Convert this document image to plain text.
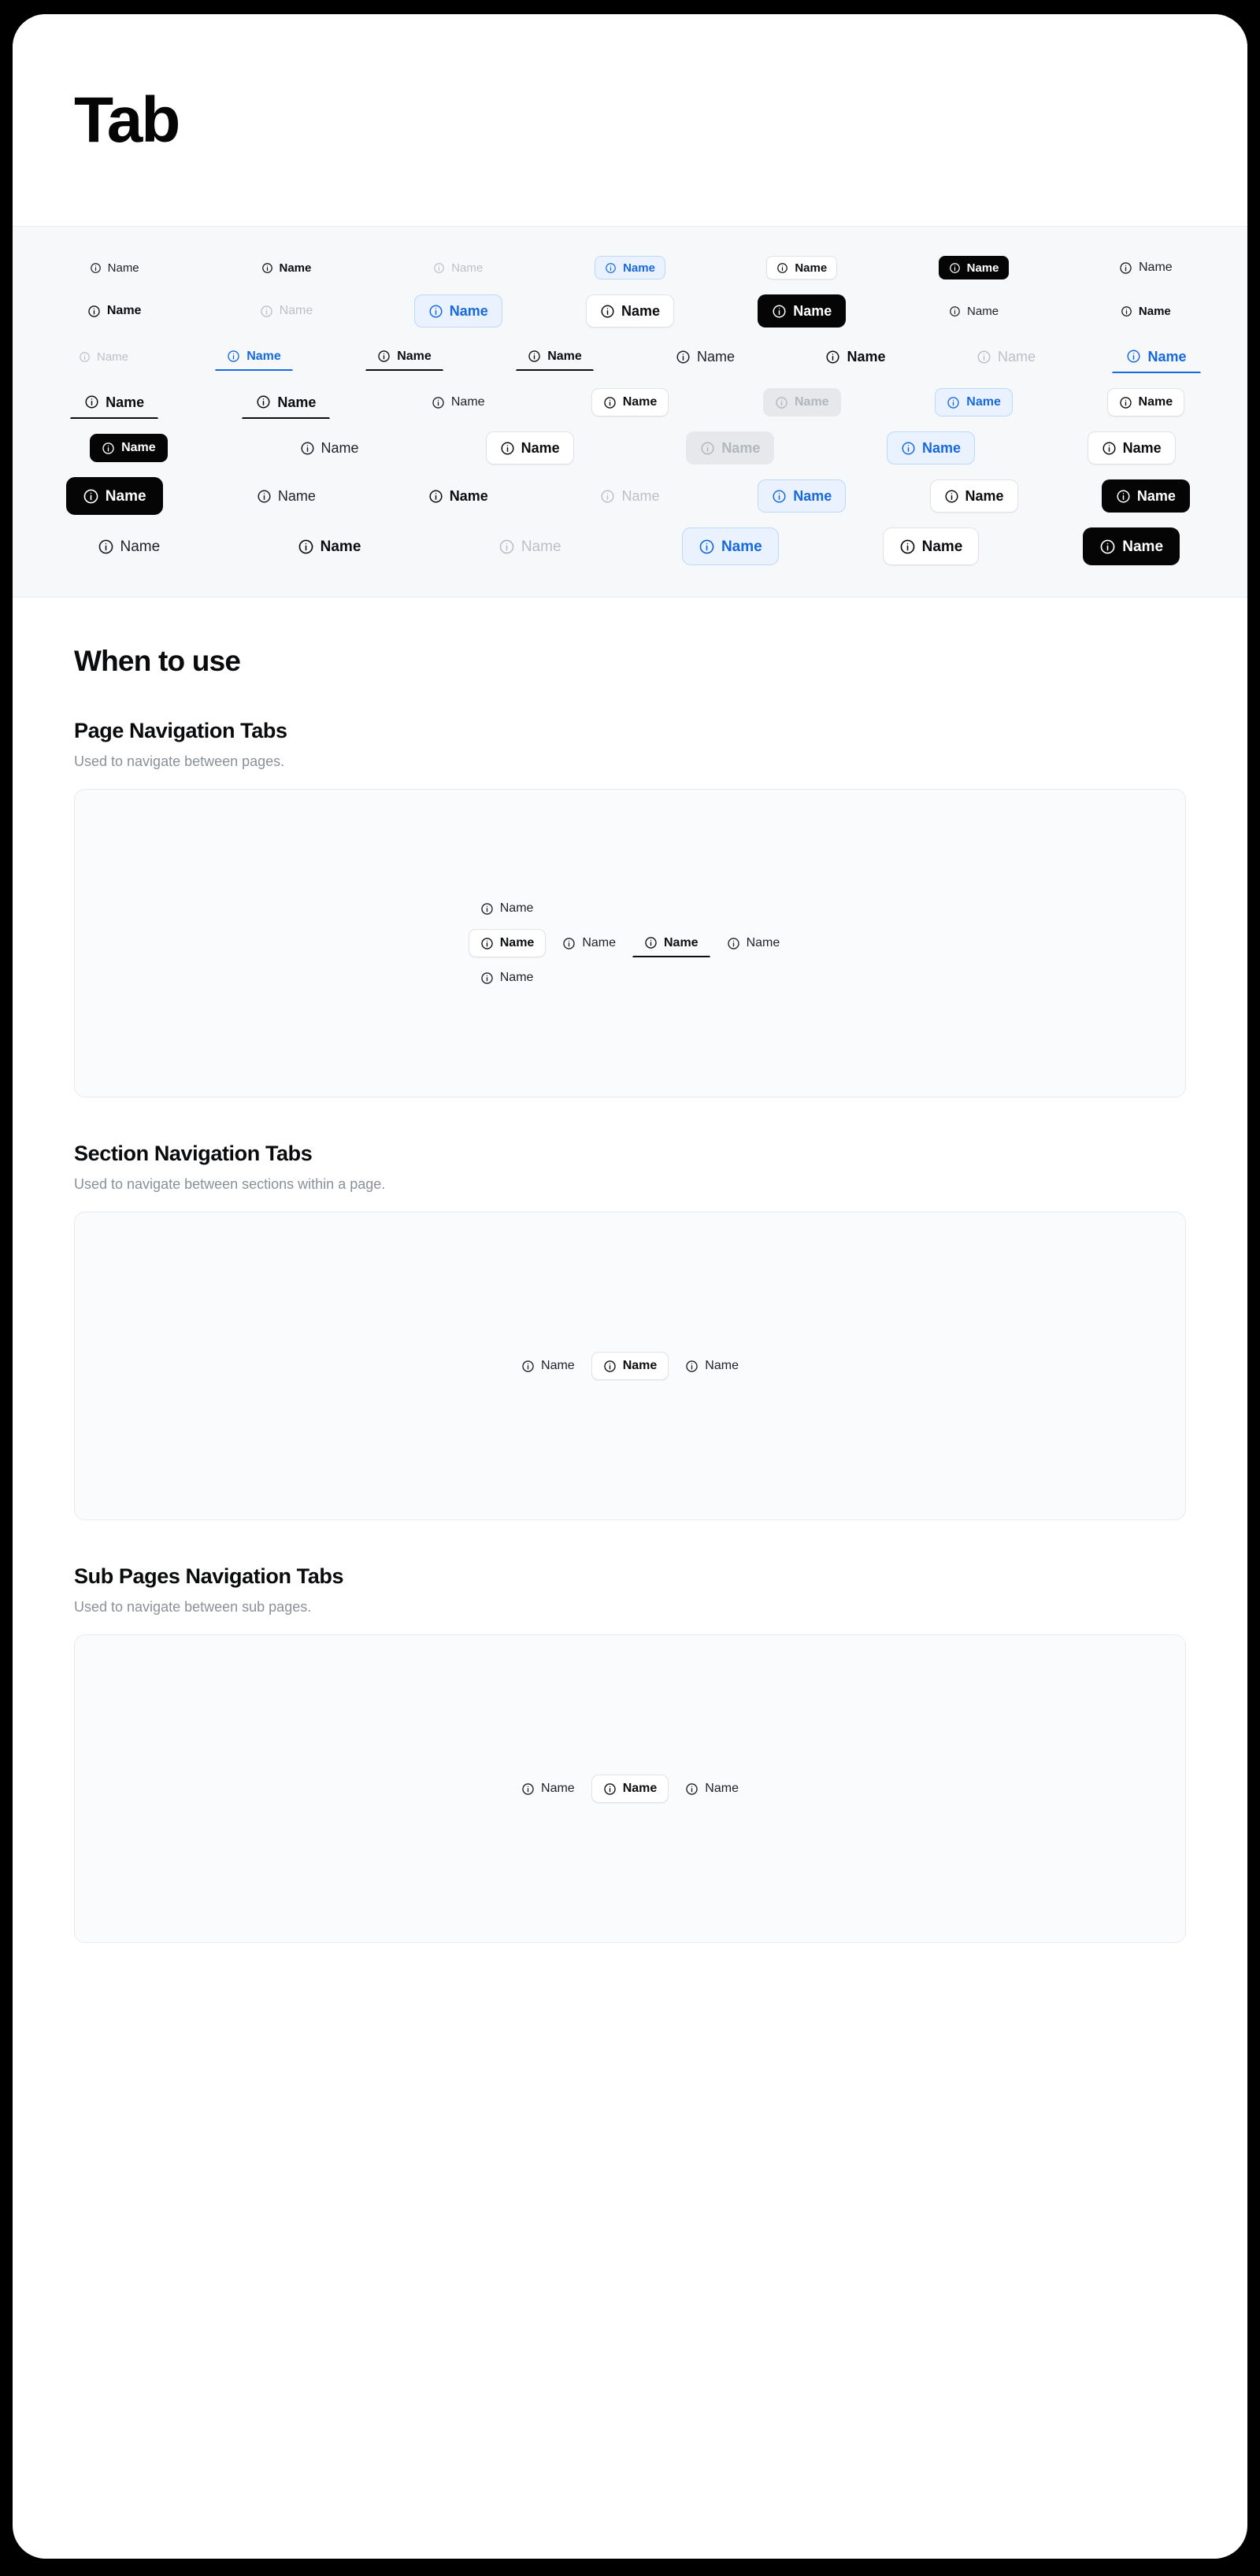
Tab
Name	Name	Name	Name	Name	Name	Name
Name	Name	Name	Name	Name	Name	Name
Name	Name	Name	Name	Name	Name	Name	Name
Name	Name	Name	Name	Name	Name	Name
Name	Name	Name	Name	Name	Name
Name	Name	Name	Name	Name	Name	Name
Name	Name	Name	Name	Name	Name
When to use
Page Navigation Tabs

Used to navigate between pages.

Name
Name	Name	Name	Name
Name
Section Navigation Tabs

Used to navigate between sections within a page.

Name	Name	Name
Sub Pages Navigation Tabs

Used to navigate between sub pages.

Name	Name	Name
